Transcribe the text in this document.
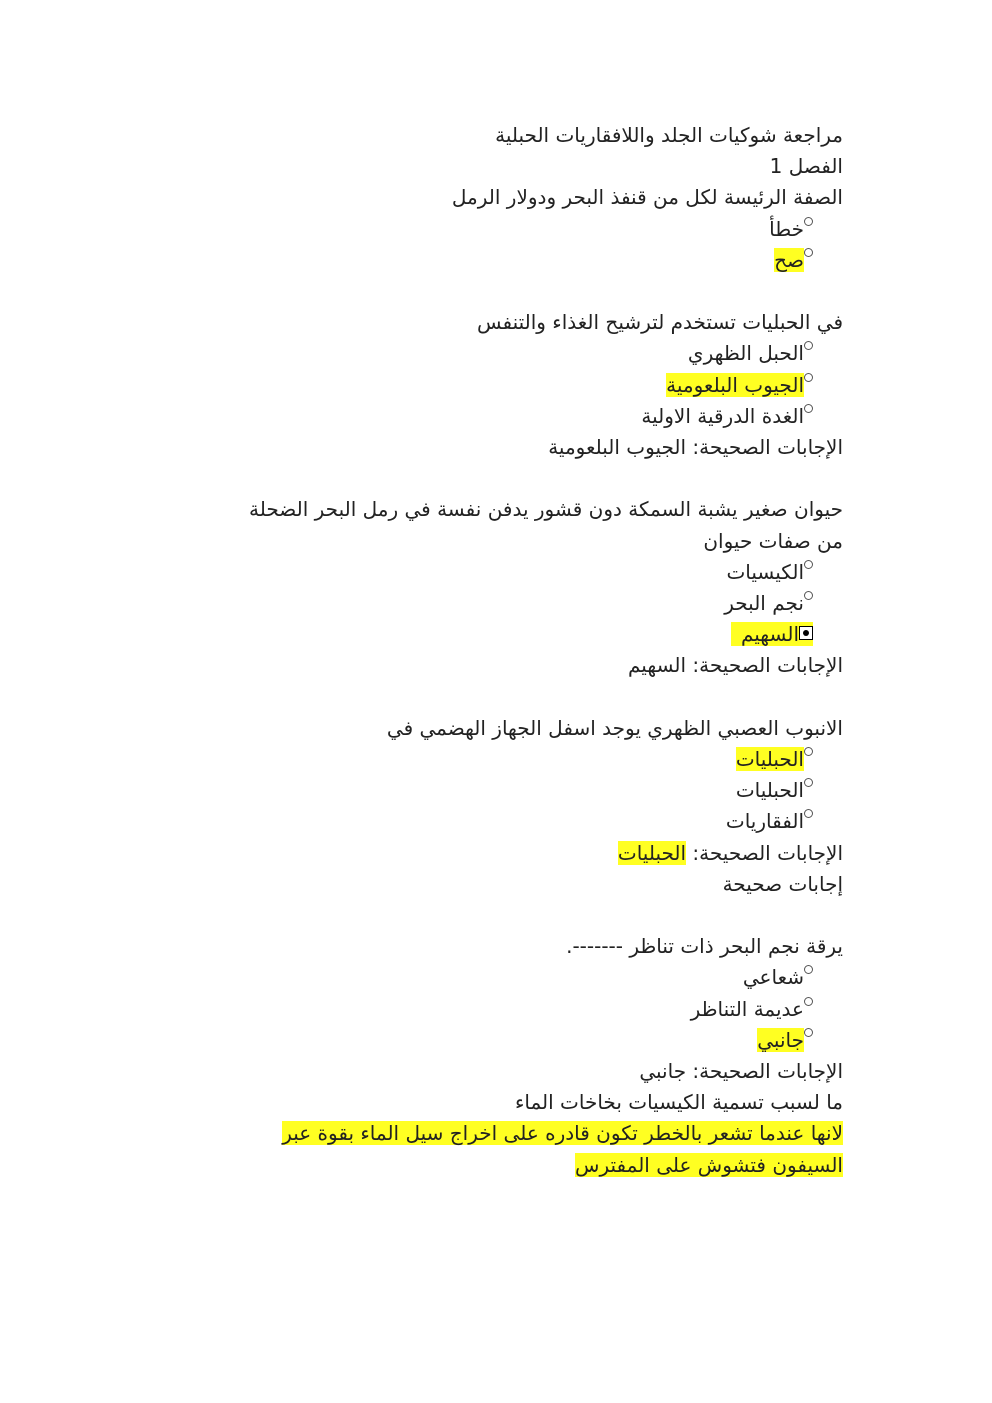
مراجعة شوكيات الجلد واللافقاريات الحبلية
الفصل 1
الصفة الرئيسة لكل من قنفذ البحر ودولار الرمل
خطأ
صح
في الحبليات تستخدم لترشيح الغذاء والتنفس
الحبل الظهري
الجيوب البلعومية
الغدة الدرقية الاولية
الإجابات الصحيحة: الجيوب البلعومية
حيوان صغير يشبة السمكة دون قشور يدفن نفسة في رمل البحر الضحلة
من صفات حيوان
الكيسيات
نجم البحر
السهيم
الإجابات الصحيحة: السهيم
الانبوب العصبي الظهري يوجد اسفل الجهاز الهضمي في
الحبليات
الحبليات
الفقاريات
الإجابات الصحيحة: الحبليات
إجابات صحيحة
يرقة نجم البحر ذات تناظر -------.
شعاعي
عديمة التناظر
جانبي
الإجابات الصحيحة: جانبي
ما لسبب تسمية الكيسيات بخاخات الماء
لانها عندما تشعر بالخطر تكون قادره على اخراج سيل الماء بقوة عبر
السيفون فتشوش على المفترس
